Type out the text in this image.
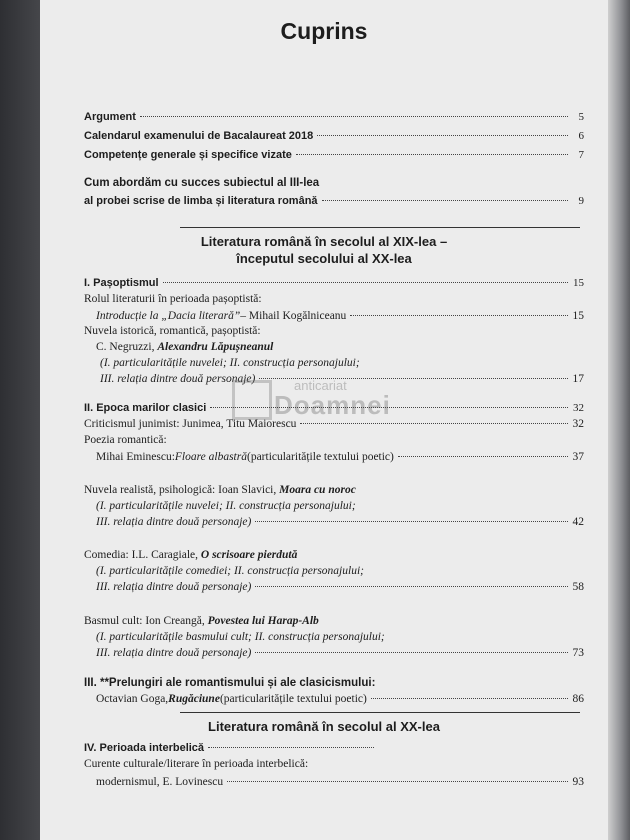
Cuprins
Argument	5
Calendarul examenului de Bacalaureat 2018	6
Competențe generale și specifice vizate	7
Cum abordăm cu succes subiectul al III-lea
al probei scrise de limba și literatura română	9
Literatura română în secolul al XIX-lea –
începutul secolului al XX-lea
I. Pașoptismul	15
Rolul literaturii în perioada pașoptistă:
Introducție la „Dacia literară” – Mihail Kogălniceanu	15
Nuvela istorică, romantică, pașoptistă:
C. Negruzzi, Alexandru Lăpușneanul
(I. particularitățile nuvelei; II. construcția personajului;
III. relația dintre două personaje)	17
anticariat
Doamnei
II. Epoca marilor clasici	32
Criticismul junimist: Junimea, Titu Maiorescu	32
Poezia romantică:
Mihai Eminescu: Floare albastră (particularitățile textului poetic)	37
Nuvela realistă, psihologică: Ioan Slavici, Moara cu noroc
(I. particularitățile nuvelei; II. construcția personajului;
III. relația dintre două personaje)	42
Comedia: I.L. Caragiale, O scrisoare pierdută
(I. particularitățile comediei; II. construcția personajului;
III. relația dintre două personaje)	58
Basmul cult: Ion Creangă, Povestea lui Harap-Alb
(I. particularitățile basmului cult; II. construcția personajului;
III. relația dintre două personaje)	73
III. **Prelungiri ale romantismului și ale clasicismului:
Octavian Goga, Rugăciune (particularitățile textului poetic)	86
Literatura română în secolul al XX-lea
IV. Perioada interbelică
Curente culturale/literare în perioada interbelică:
modernismul, E. Lovinescu	93
